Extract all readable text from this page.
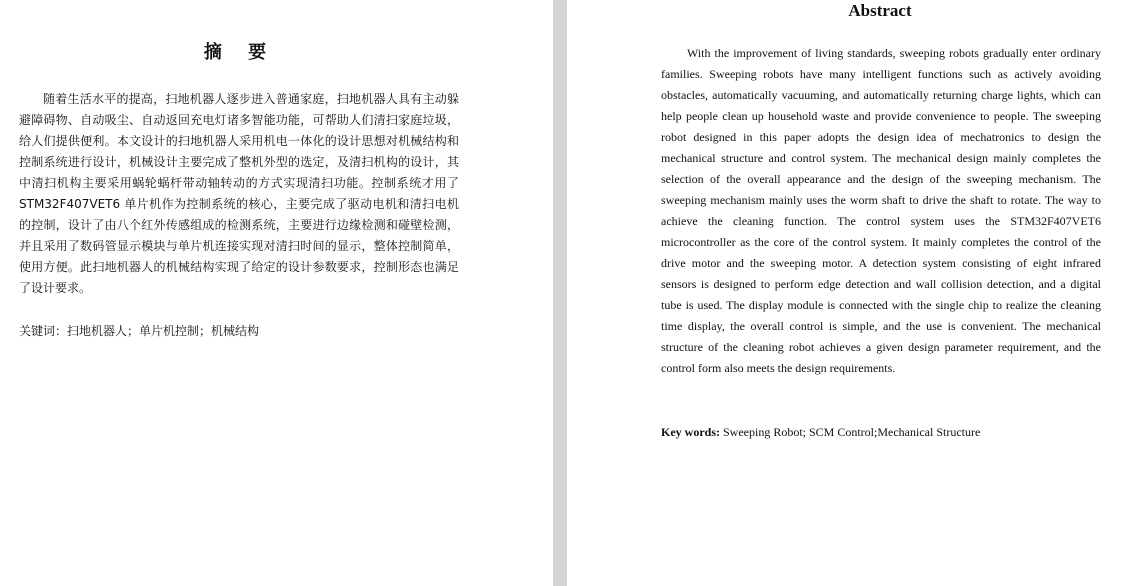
摘 要

随着生活水平的提高，扫地机器人逐步进入普通家庭，扫地机器人具有主动躲避障碍物、自动吸尘、自动返回充电灯诸多智能功能，可帮助人们清扫家庭垃圾，给人们提供便利。本文设计的扫地机器人采用机电一体化的设计思想对机械结构和控制系统进行设计，机械设计主要完成了整机外型的选定，及清扫机构的设计，其中清扫机构主要采用蜗轮蜗杆带动轴转动的方式实现清扫功能。控制系统才用了 STM32F407VET6 单片机作为控制系统的核心，主要完成了驱动电机和清扫电机的控制，设计了由八个红外传感组成的检测系统，主要进行边缘检测和碰壁检测，并且采用了数码管显示模块与单片机连接实现对清扫时间的显示，整体控制简单，使用方便。此扫地机器人的机械结构实现了给定的设计参数要求，控制形态也满足了设计要求。

关键词：扫地机器人；单片机控制；机械结构

Abstract

With the improvement of living standards, sweeping robots gradually enter ordinary families. Sweeping robots have many intelligent functions such as actively avoiding obstacles, automatically vacuuming, and automatically returning charge lights, which can help people clean up household waste and provide convenience to people. The sweeping robot designed in this paper adopts the design idea of mechatronics to design the mechanical structure and control system. The mechanical design mainly completes the selection of the overall appearance and the design of the sweeping mechanism. The sweeping mechanism mainly uses the worm shaft to drive the shaft to rotate. The way to achieve the cleaning function. The control system uses the STM32F407VET6 microcontroller as the core of the control system. It mainly completes the control of the drive motor and the sweeping motor. A detection system consisting of eight infrared sensors is designed to perform edge detection and wall collision detection, and a digital tube is used. The display module is connected with the single chip to realize the cleaning time display, the overall control is simple, and the use is convenient. The mechanical structure of the cleaning robot achieves a given design parameter requirement, and the control form also meets the design requirements.

Key words: Sweeping Robot; SCM Control;Mechanical Structure
